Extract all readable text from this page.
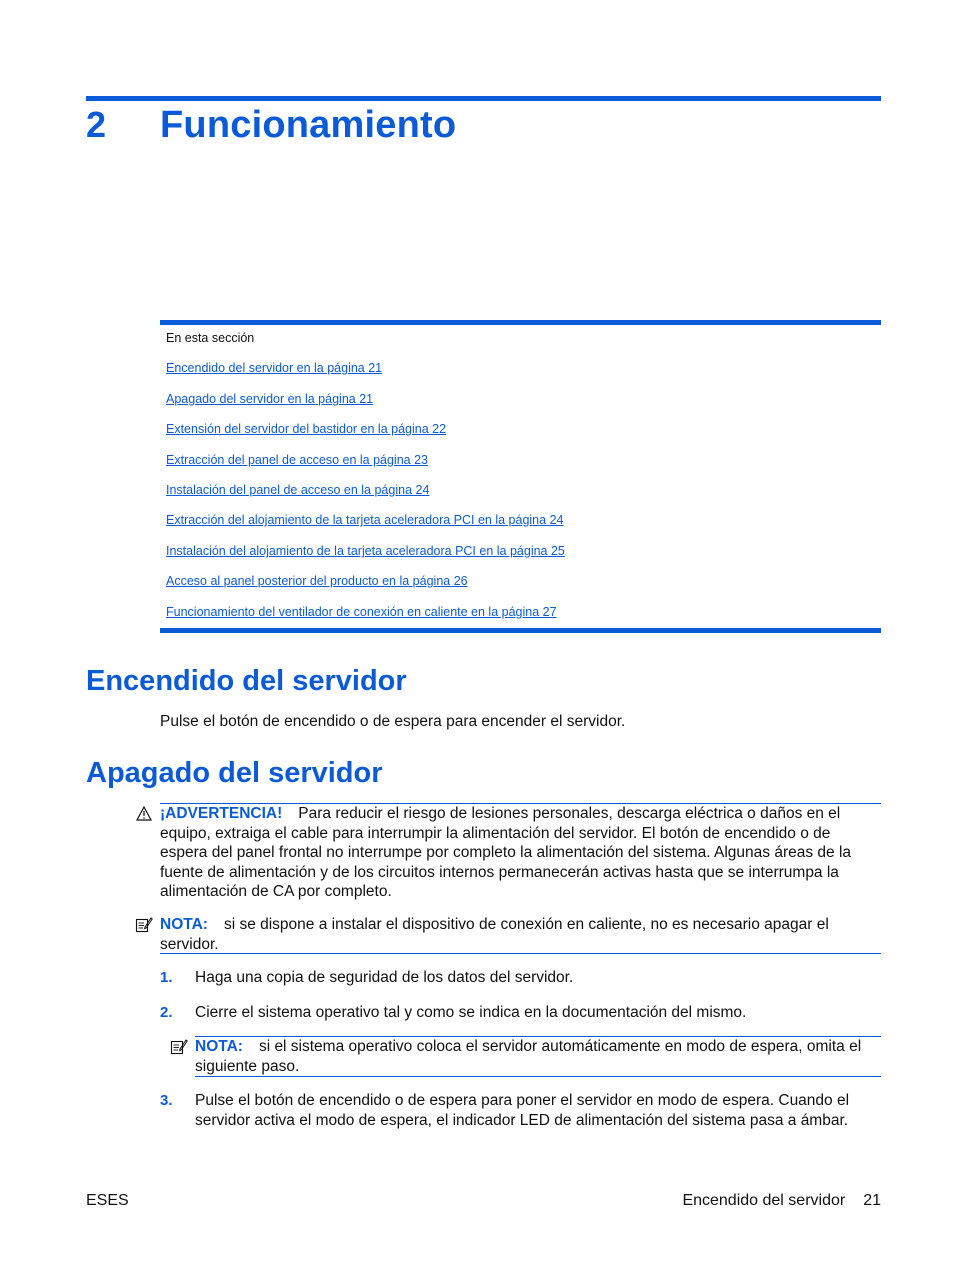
2 Funcionamiento
En esta sección
Encendido del servidor en la página 21
Apagado del servidor en la página 21
Extensión del servidor del bastidor en la página 22
Extracción del panel de acceso en la página 23
Instalación del panel de acceso en la página 24
Extracción del alojamiento de la tarjeta aceleradora PCI en la página 24
Instalación del alojamiento de la tarjeta aceleradora PCI en la página 25
Acceso al panel posterior del producto en la página 26
Funcionamiento del ventilador de conexión en caliente en la página 27
Encendido del servidor
Pulse el botón de encendido o de espera para encender el servidor.
Apagado del servidor
¡ADVERTENCIA! Para reducir el riesgo de lesiones personales, descarga eléctrica o daños en el
equipo, extraiga el cable para interrumpir la alimentación del servidor. El botón de encendido o de
espera del panel frontal no interrumpe por completo la alimentación del sistema. Algunas áreas de la
fuente de alimentación y de los circuitos internos permanecerán activas hasta que se interrumpa la
alimentación de CA por completo.
NOTA: si se dispone a instalar el dispositivo de conexión en caliente, no es necesario apagar el
servidor.
1. Haga una copia de seguridad de los datos del servidor.
2. Cierre el sistema operativo tal y como se indica en la documentación del mismo.
NOTA: si el sistema operativo coloca el servidor automáticamente en modo de espera, omita el
siguiente paso.
3. Pulse el botón de encendido o de espera para poner el servidor en modo de espera. Cuando el
servidor activa el modo de espera, el indicador LED de alimentación del sistema pasa a ámbar.
ESES	Encendido del servidor 21
